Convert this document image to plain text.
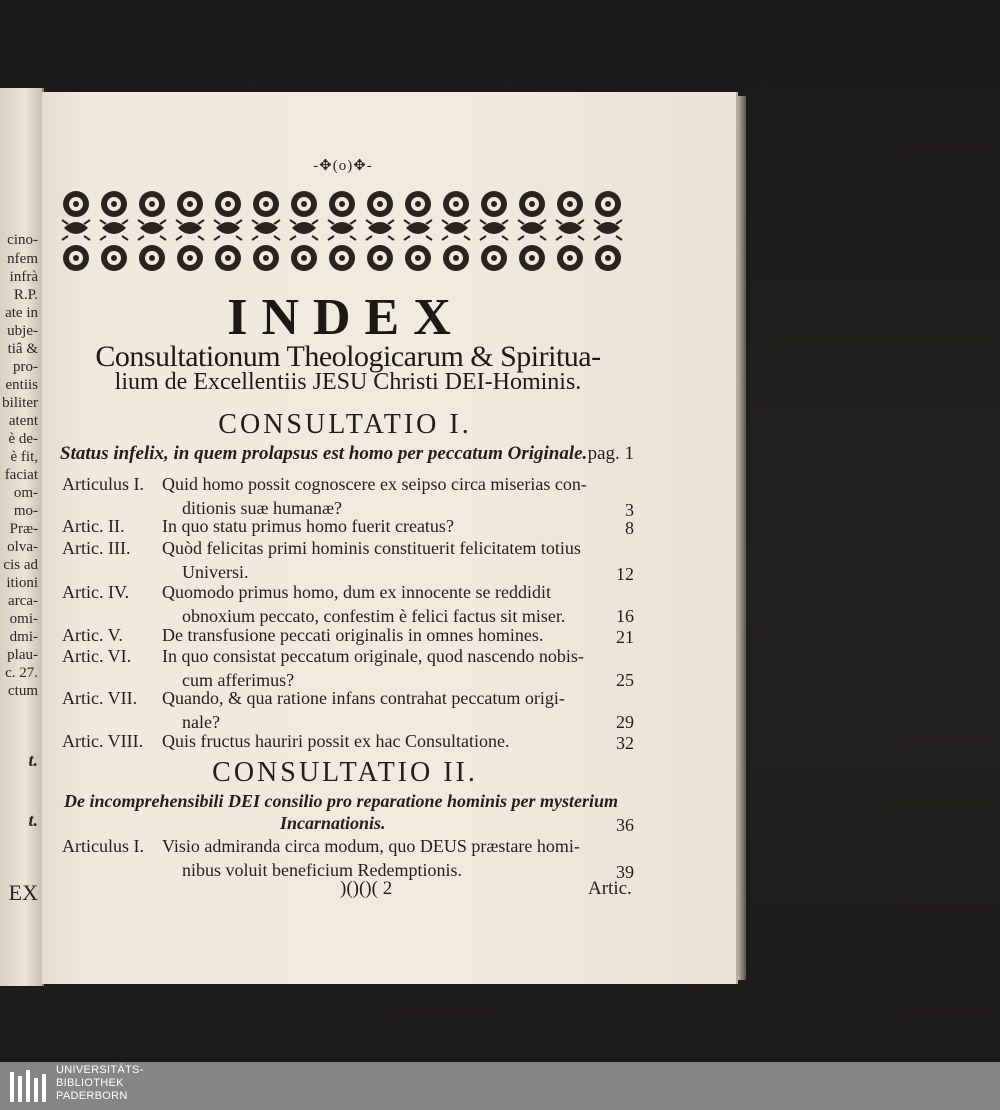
cino-
nfem
infrà
R.P.
ate in
ubje-
tiâ &
pro-
entiis
biliter
atent
è de-
è fit,
faciat
om-
mo-
Præ-
olva-
cis ad
itioni
arca-
omi-
dmi-
plau-
c. 27.
ctum
t.
t.
EX
-✥(o)✥-
INDEX
Consultationum Theologicarum & Spiritua-
lium de Excellentiis JESU Christi DEI-Hominis.
CONSULTATIO I.
Status infelix, in quem prolapsus est homo per peccatum Originale. pag. 1
Articulus I. Quid homo possit cognoscere ex seipso circa miserias con-
ditionis suæ humanæ?	3
Artic. II. In quo statu primus homo fuerit creatus?	8
Artic. III. Quòd felicitas primi hominis constituerit felicitatem totius
Universi.	12
Artic. IV. Quomodo primus homo, dum ex innocente se reddidit
obnoxium peccato, confestim è felici factus sit miser.	16
Artic. V. De transfusione peccati originalis in omnes homines.	21
Artic. VI. In quo consistat peccatum originale, quod nascendo nobis-
cum afferimus?	25
Artic. VII. Quando, & qua ratione infans contrahat peccatum origi-
nale?	29
Artic. VIII. Quis fructus hauriri possit ex hac Consultatione.	32
CONSULTATIO II.
De incomprehensibili DEI consilio pro reparatione hominis per mysterium
Incarnationis.	36
Articulus I. Visio admiranda circa modum, quo DEUS præstare homi-
nibus voluit beneficium Redemptionis.	39
)()()( 2	Artic.
UNIVERSITÄTS-
BIBLIOTHEK
PADERBORN
